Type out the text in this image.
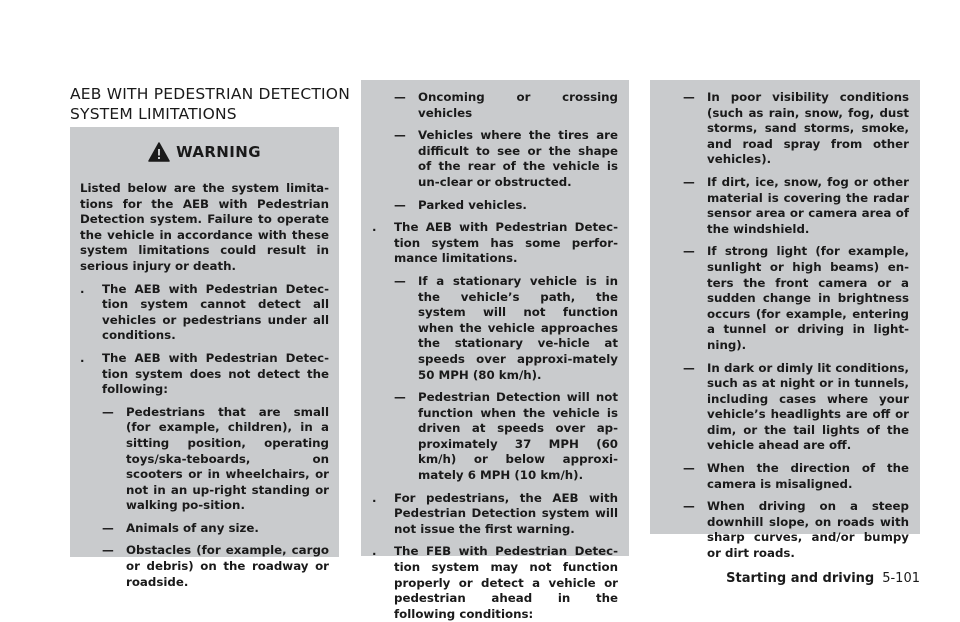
AEB WITH PEDESTRIAN DETECTION SYSTEM LIMITATIONS
WARNING

Listed below are the system limita-tions for the AEB with Pedestrian Detection system. Failure to operate the vehicle in accordance with these system limitations could result in serious injury or death.

.	The AEB with Pedestrian Detec-tion system cannot detect all vehicles or pedestrians under all conditions.
.	The AEB with Pedestrian Detec-tion system does not detect the following:
—	Pedestrians that are small (for example, children), in a sitting position, operating toys/ska-teboards, on scooters or in wheelchairs, or not in an up-right standing or walking po-sition.
—	Animals of any size.
—	Obstacles (for example, cargo or debris) on the roadway or roadside.
—	Oncoming or crossing vehicles
—	Vehicles where the tires are difficult to see or the shape of the rear of the vehicle is un-clear or obstructed.
—	Parked vehicles.
.	The AEB with Pedestrian Detec-tion system has some perfor-mance limitations.
—	If a stationary vehicle is in the vehicle’s path, the system will not function when the vehicle approaches the stationary ve-hicle at speeds over approxi-mately 50 MPH (80 km/h).
—	Pedestrian Detection will not function when the vehicle is driven at speeds over ap-proximately 37 MPH (60 km/h) or below approxi-mately 6 MPH (10 km/h).
.	For pedestrians, the AEB with Pedestrian Detection system will not issue the first warning.
.	The FEB with Pedestrian Detec-tion system may not function properly or detect a vehicle or pedestrian ahead in the following conditions:
—	In poor visibility conditions (such as rain, snow, fog, dust storms, sand storms, smoke, and road spray from other vehicles).
—	If dirt, ice, snow, fog or other material is covering the radar sensor area or camera area of the windshield.
—	If strong light (for example, sunlight or high beams) en-ters the front camera or a sudden change in brightness occurs (for example, entering a tunnel or driving in light-ning).
—	In dark or dimly lit conditions, such as at night or in tunnels, including cases where your vehicle’s headlights are off or dim, or the tail lights of the vehicle ahead are off.
—	When the direction of the camera is misaligned.
—	When driving on a steep downhill slope, on roads with sharp curves, and/or bumpy or dirt roads.
Starting and driving 5-101
